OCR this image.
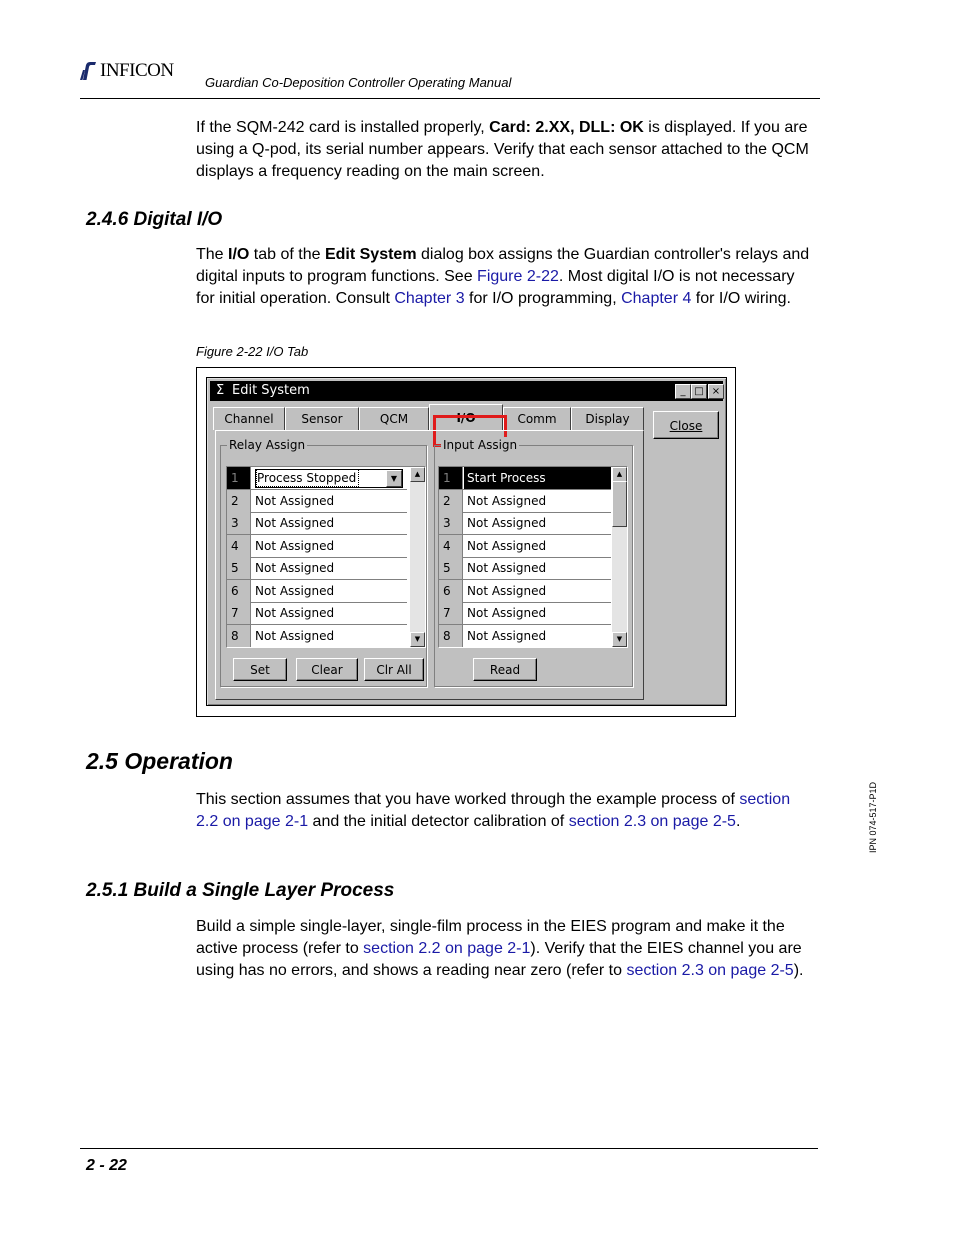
INFICON
Guardian Co-Deposition Controller Operating Manual

If the SQM-242 card is installed properly, Card: 2.XX, DLL: OK is displayed. If you are using a Q-pod, its serial number appears. Verify that each sensor attached to the QCM displays a frequency reading on the main screen.

2.4.6 Digital I/O

The I/O tab of the Edit System dialog box assigns the Guardian controller's relays and digital inputs to program functions. See Figure 2-22. Most digital I/O is not necessary for initial operation. Consult Chapter 3 for I/O programming, Chapter 4 for I/O wiring.

Figure 2-22 I/O Tab
Σ Edit System	_ □ ×
Channel	Sensor	QCM	I/O	Comm	Display	Close
Relay Assign
1	Process Stopped	▼
2	Not Assigned
3	Not Assigned
4	Not Assigned
5	Not Assigned
6	Not Assigned
7	Not Assigned
8	Not Assigned
▲
▼
Set	Clear	Clr All
Input Assign
1	Start Process
2	Not Assigned
3	Not Assigned
4	Not Assigned
5	Not Assigned
6	Not Assigned
7	Not Assigned
8	Not Assigned
▲
▼
Read
2.5 Operation

This section assumes that you have worked through the example process of section 2.2 on page 2-1 and the initial detector calibration of section 2.3 on page 2-5.	IPN 074-517-P1D
2.5.1 Build a Single Layer Process

Build a simple single-layer, single-film process in the EIES program and make it the active process (refer to section 2.2 on page 2-1). Verify that the EIES channel you are using has no errors, and shows a reading near zero (refer to section 2.3 on page 2-5).

2 - 22
